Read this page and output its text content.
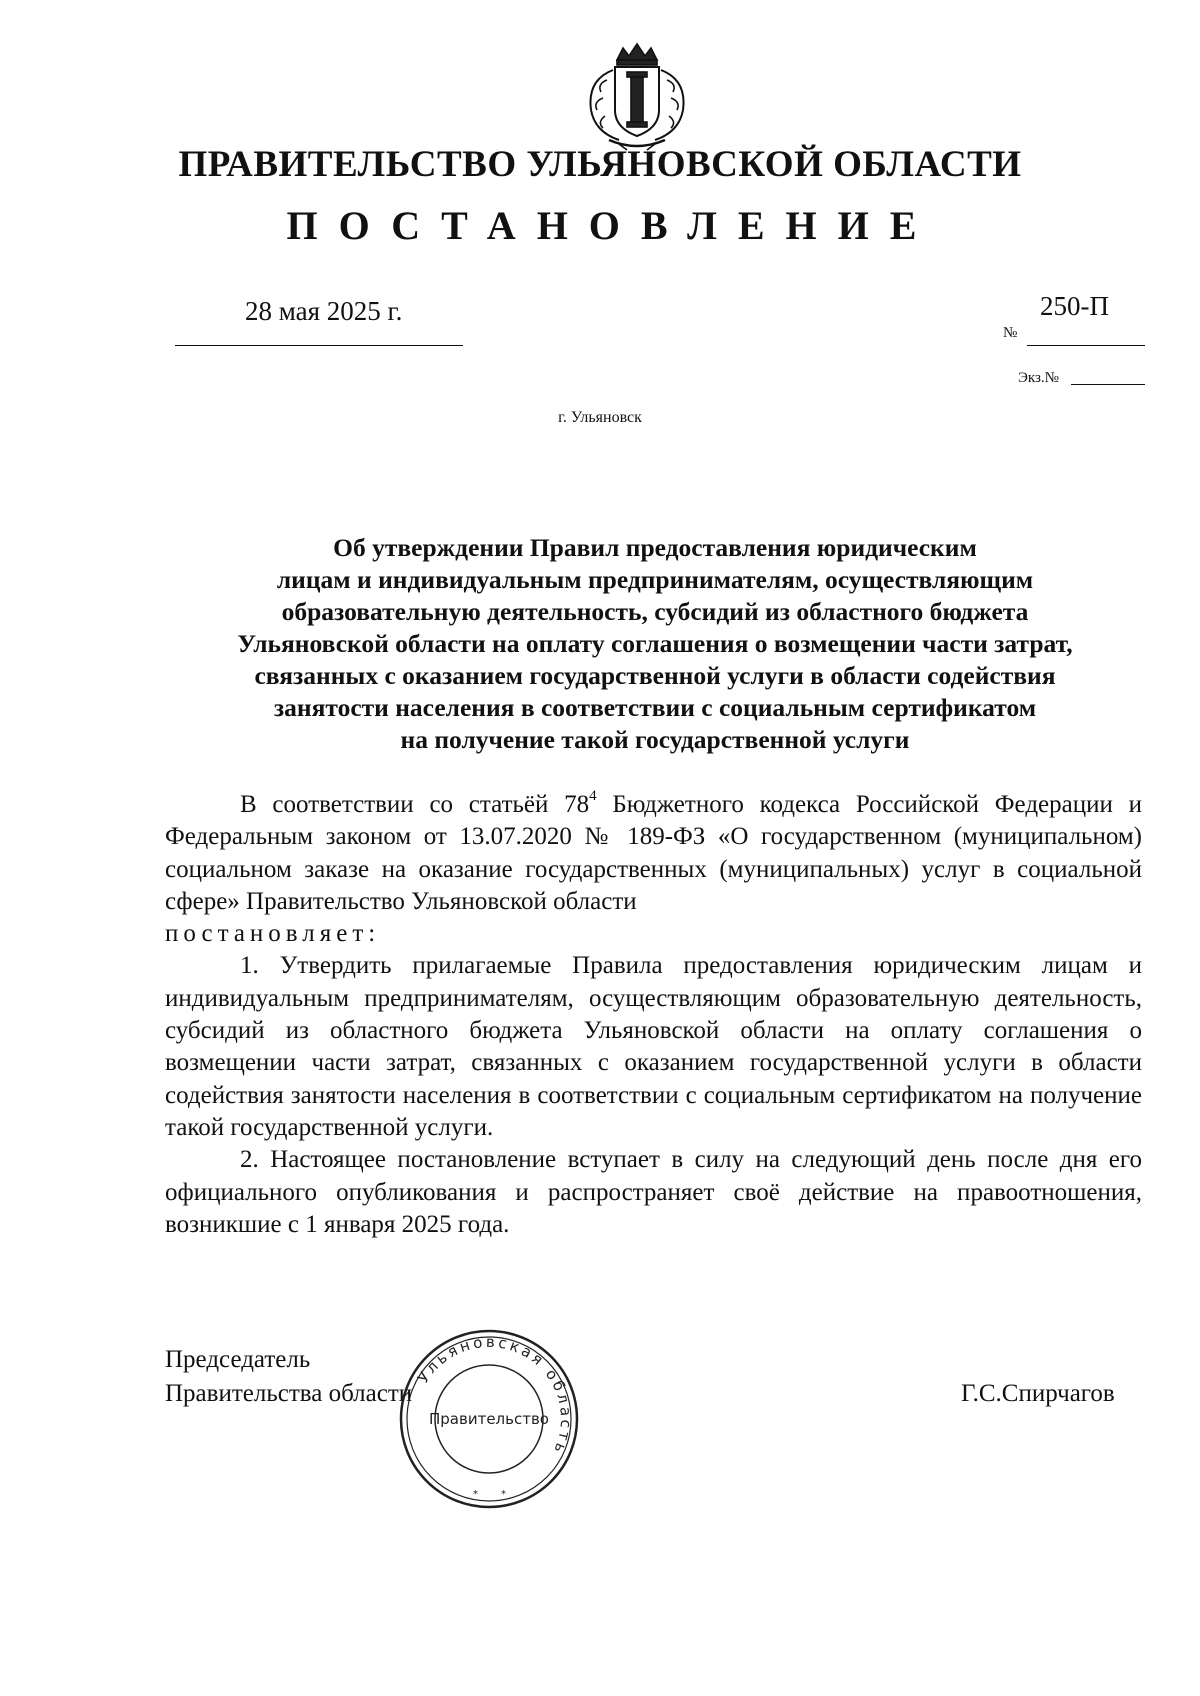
ПРАВИТЕЛЬСТВО УЛЬЯНОВСКОЙ ОБЛАСТИ
ПОСТАНОВЛЕНИЕ
28 мая 2025 г.	250-П
№
Экз.№
г. Ульяновск
Об утверждении Правил предоставления юридическим
лицам и индивидуальным предпринимателям, осуществляющим
образовательную деятельность, субсидий из областного бюджета
Ульяновской области на оплату соглашения о возмещении части затрат,
связанных с оказанием государственной услуги в области содействия
занятости населения в соответствии с социальным сертификатом
на получение такой государственной услуги

В соответствии со статьёй $78^4$ Бюджетного кодекса Российской Федерации и Федеральным законом от 13.07.2020 № 189-ФЗ «О государственном (муниципальном) социальном заказе на оказание государственных (муниципальных) услуг в социальной сфере» Правительство Ульяновской области

постановляет:

1. Утвердить прилагаемые Правила предоставления юридическим лицам и индивидуальным предпринимателям, осуществляющим образовательную деятельность, субсидий из областного бюджета Ульяновской области на оплату соглашения о возмещении части затрат, связанных с оказанием государственной услуги в области содействия занятости населения в соответствии с социальным сертификатом на получение такой государственной услуги.

2. Настоящее постановление вступает в силу на следующий день после дня его официального опубликования и распространяет своё действие на правоотношения, возникшие с 1 января 2025 года.

Председатель
Правительства области	Г.С.Спирчагов
Ульяновская область
Правительство
* *
